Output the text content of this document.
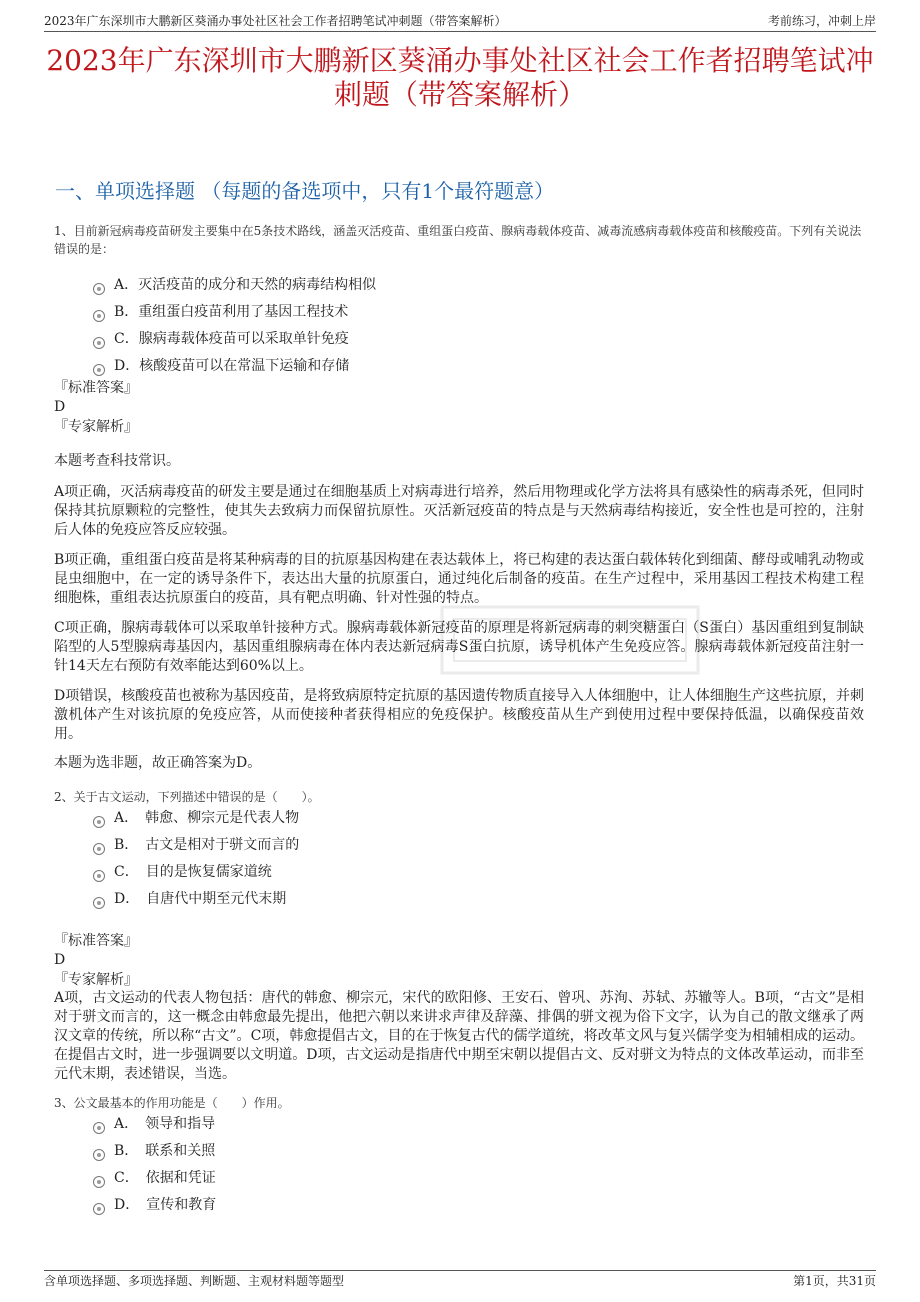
2023年广东深圳市大鹏新区葵涌办事处社区社会工作者招聘笔试冲刺题（带答案解析）	考前练习，冲刺上岸
2023年广东深圳市大鹏新区葵涌办事处社区社会工作者招聘笔试冲刺题（带答案解析）
一、单项选择题 （每题的备选项中，只有1个最符题意）
1、目前新冠病毒疫苗研发主要集中在5条技术路线，涵盖灭活疫苗、重组蛋白疫苗、腺病毒载体疫苗、减毒流感病毒载体疫苗和核酸疫苗。下列有关说法错误的是：
A．灭活疫苗的成分和天然的病毒结构相似
B．重组蛋白疫苗利用了基因工程技术
C．腺病毒载体疫苗可以采取单针免疫
D．核酸疫苗可以在常温下运输和存储
『标准答案』
D
『专家解析』
本题考查科技常识。
A项正确，灭活病毒疫苗的研发主要是通过在细胞基质上对病毒进行培养，然后用物理或化学方法将具有感染性的病毒杀死，但同时保持其抗原颗粒的完整性，使其失去致病力而保留抗原性。灭活新冠疫苗的特点是与天然病毒结构接近，安全性也是可控的，注射后人体的免疫应答反应较强。
B项正确，重组蛋白疫苗是将某种病毒的目的抗原基因构建在表达载体上，将已构建的表达蛋白载体转化到细菌、酵母或哺乳动物或昆虫细胞中，在一定的诱导条件下，表达出大量的抗原蛋白，通过纯化后制备的疫苗。在生产过程中，采用基因工程技术构建工程细胞株，重组表达抗原蛋白的疫苗，具有靶点明确、针对性强的特点。
C项正确，腺病毒载体可以采取单针接种方式。腺病毒载体新冠疫苗的原理是将新冠病毒的刺突糖蛋白（S蛋白）基因重组到复制缺陷型的人5型腺病毒基因内，基因重组腺病毒在体内表达新冠病毒S蛋白抗原，诱导机体产生免疫应答。腺病毒载体新冠疫苗注射一针14天左右预防有效率能达到60%以上。
D项错误，核酸疫苗也被称为基因疫苗，是将致病原特定抗原的基因遗传物质直接导入人体细胞中，让人体细胞生产这些抗原，并刺激机体产生对该抗原的免疫应答，从而使接种者获得相应的免疫保护。核酸疫苗从生产到使用过程中要保持低温，以确保疫苗效用。
本题为选非题，故正确答案为D。
2、关于古文运动，下列描述中错误的是（　　）。
A．　韩愈、柳宗元是代表人物
B．　古文是相对于骈文而言的
C．　目的是恢复儒家道统
D．　自唐代中期至元代末期
『标准答案』
D
『专家解析』
A项，古文运动的代表人物包括：唐代的韩愈、柳宗元，宋代的欧阳修、王安石、曾巩、苏洵、苏轼、苏辙等人。B项，“古文”是相对于骈文而言的，这一概念由韩愈最先提出，他把六朝以来讲求声律及辞藻、排偶的骈文视为俗下文字，认为自己的散文继承了两汉文章的传统，所以称“古文”。C项，韩愈提倡古文，目的在于恢复古代的儒学道统，将改革文风与复兴儒学变为相辅相成的运动。在提倡古文时，进一步强调要以文明道。D项，古文运动是指唐代中期至宋朝以提倡古文、反对骈文为特点的文体改革运动，而非至元代末期，表述错误，当选。
3、公文最基本的作用功能是（　　）作用。
A．　领导和指导
B．　联系和关照
C．　依据和凭证
D．　宣传和教育
含单项选择题、多项选择题、判断题、主观材料题等题型	第1页，共31页
